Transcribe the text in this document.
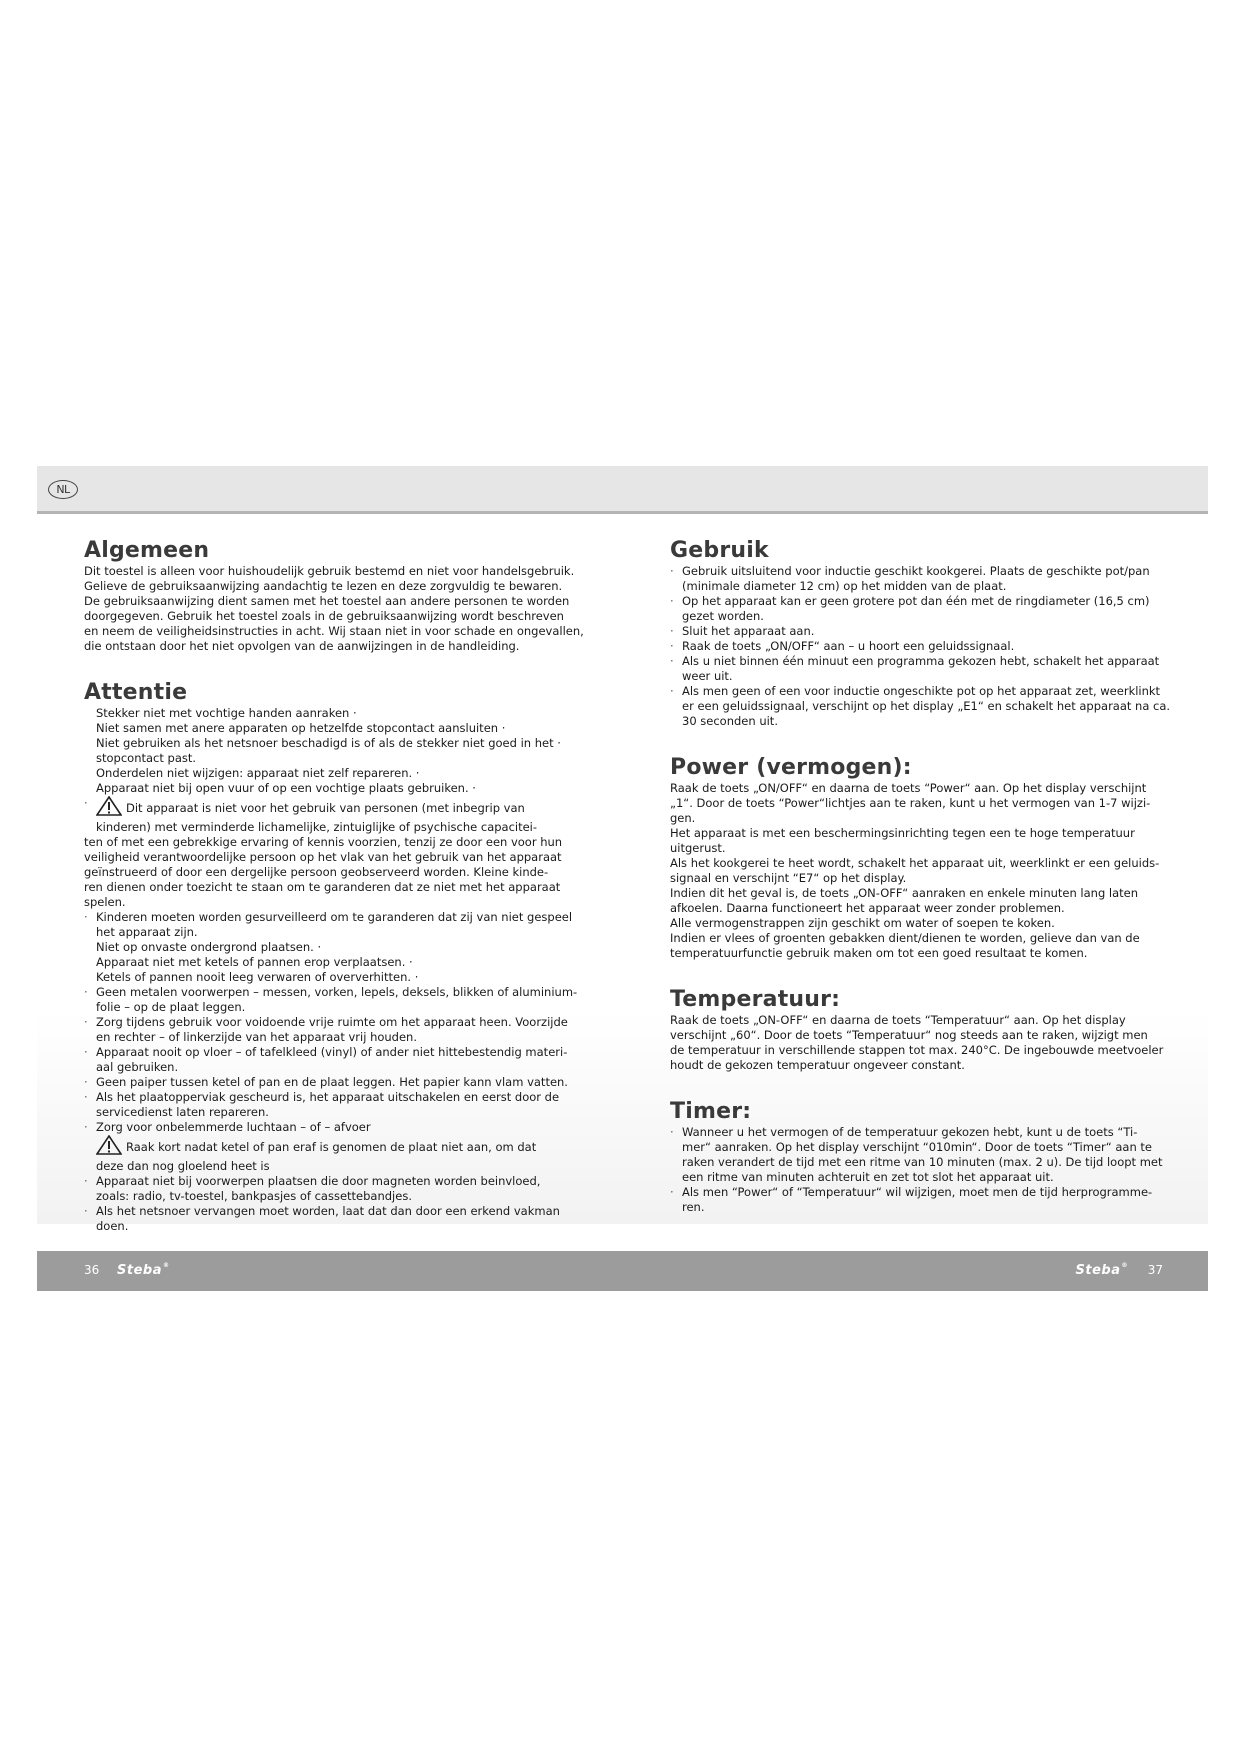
NL
Algemeen

Dit toestel is alleen voor huishoudelijk gebruik bestemd en niet voor handelsgebruik.

Gelieve de gebruiksaanwijzing aandachtig te lezen en deze zorgvuldig te bewaren.

De gebruiksaanwijzing dient samen met het toestel aan andere personen te worden

doorgegeven. Gebruik het toestel zoals in de gebruiksaanwijzing wordt beschreven

en neem de veiligheidsinstructies in acht. Wij staan niet in voor schade en ongevallen,

die ontstaan door het niet opvolgen van de aanwijzingen in de handleiding.

Attentie
Stekker niet met vochtige handen aanraken ·
Niet samen met anere apparaten op hetzelfde stopcontact aansluiten ·
Niet gebruiken als het netsnoer beschadigd is of als de stekker niet goed in het ·
stopcontact past.
Onderdelen niet wijzigen: apparaat niet zelf repareren. ·
Apparaat niet bij open vuur of op een vochtige plaats gebruiken. ·
· Dit apparaat is niet voor het gebruik van personen (met inbegrip van
kinderen) met verminderde lichamelijke, zintuiglijke of psychische capacitei-
ten of met een gebrekkige ervaring of kennis voorzien, tenzij ze door een voor hun
veiligheid verantwoordelijke persoon op het vlak van het gebruik van het apparaat
geïnstrueerd of door een dergelijke persoon geobserveerd worden. Kleine kinde-
ren dienen onder toezicht te staan om te garanderen dat ze niet met het apparaat
spelen.
· Kinderen moeten worden gesurveilleerd om te garanderen dat zij van niet gespeel
het apparaat zijn.
Niet op onvaste ondergrond plaatsen. ·
Apparaat niet met ketels of pannen erop verplaatsen. ·
Ketels of pannen nooit leeg verwaren of oververhitten. ·
· Geen metalen voorwerpen – messen, vorken, lepels, deksels, blikken of aluminium-
folie – op de plaat leggen.
· Zorg tijdens gebruik voor voidoende vrije ruimte om het apparaat heen. Voorzijde
en rechter – of linkerzijde van het apparaat vrij houden.
· Apparaat nooit op vloer – of tafelkleed (vinyl) of ander niet hittebestendig materi-
aal gebruiken.
· Geen paiper tussen ketel of pan en de plaat leggen. Het papier kann vlam vatten.
· Als het plaatopperviak gescheurd is, het apparaat uitschakelen en eerst door de
servicedienst laten repareren.
· Zorg voor onbelemmerde luchtaan – of – afvoer
Raak kort nadat ketel of pan eraf is genomen de plaat niet aan, om dat
deze dan nog gloelend heet is
· Apparaat niet bij voorwerpen plaatsen die door magneten worden beinvloed,
zoals: radio, tv-toestel, bankpasjes of cassettebandjes.
· Als het netsnoer vervangen moet worden, laat dat dan door een erkend vakman
doen.
Gebruik
· Gebruik uitsluitend voor inductie geschikt kookgerei. Plaats de geschikte pot/pan
(minimale diameter 12 cm) op het midden van de plaat.
· Op het apparaat kan er geen grotere pot dan één met de ringdiameter (16,5 cm)
gezet worden.
· Sluit het apparaat aan.
· Raak de toets „ON/OFF“ aan – u hoort een geluidssignaal.
· Als u niet binnen één minuut een programma gekozen hebt, schakelt het apparaat
weer uit.
· Als men geen of een voor inductie ongeschikte pot op het apparaat zet, weerklinkt
er een geluidssignaal, verschijnt op het display „E1“ en schakelt het apparaat na ca.
30 seconden uit.
Power (vermogen):

Raak de toets „ON/OFF“ en daarna de toets “Power“ aan. Op het display verschijnt

„1“. Door de toets “Power“lichtjes aan te raken, kunt u het vermogen van 1-7 wijzi-

gen.

Het apparaat is met een beschermingsinrichting tegen een te hoge temperatuur

uitgerust.

Als het kookgerei te heet wordt, schakelt het apparaat uit, weerklinkt er een geluids-

signaal en verschijnt “E7“ op het display.

Indien dit het geval is, de toets „ON-OFF“ aanraken en enkele minuten lang laten

afkoelen. Daarna functioneert het apparaat weer zonder problemen.

Alle vermogenstrappen zijn geschikt om water of soepen te koken.

Indien er vlees of groenten gebakken dient/dienen te worden, gelieve dan van de

temperatuurfunctie gebruik maken om tot een goed resultaat te komen.

Temperatuur:

Raak de toets „ON-OFF“ en daarna de toets “Temperatuur“ aan. Op het display

verschijnt „60“. Door de toets “Temperatuur“ nog steeds aan te raken, wijzigt men

de temperatuur in verschillende stappen tot max. 240°C. De ingebouwde meetvoeler

houdt de gekozen temperatuur ongeveer constant.

Timer:
· Wanneer u het vermogen of de temperatuur gekozen hebt, kunt u de toets “Ti-
mer“ aanraken. Op het display verschijnt “010min“. Door de toets “Timer“ aan te
raken verandert de tijd met een ritme van 10 minuten (max. 2 u). De tijd loopt met
een ritme van minuten achteruit en zet tot slot het apparaat uit.
· Als men “Power“ of “Temperatuur“ wil wijzigen, moet men de tijd herprogramme-
ren.
36 Steba®	Steba® 37
